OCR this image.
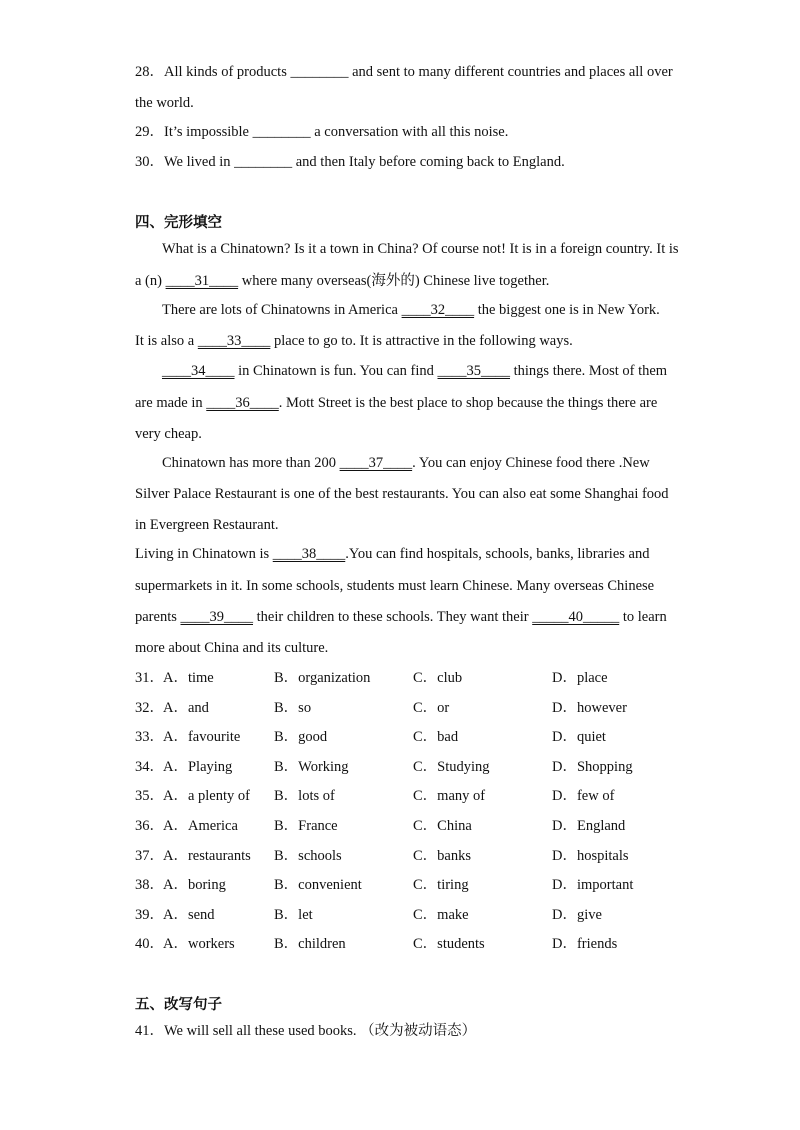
28．All kinds of products ________ and sent to many different countries and places all over
the world.
29．It’s impossible ________ a conversation with all this noise.
30．We lived in ________ and then Italy before coming back to England.
四、完形填空
What is a Chinatown? Is it a town in China? Of course not! It is in a foreign country. It is
a (n) ____31____ where many overseas(海外的) Chinese live together.
There are lots of Chinatowns in America ____32____ the biggest one is in New York.
It is also a ____33____ place to go to. It is attractive in the following ways.
____34____ in Chinatown is fun. You can find ____35____ things there. Most of them
are made in ____36____. Mott Street is the best place to shop because the things there are
very cheap.
Chinatown has more than 200 ____37____. You can enjoy Chinese food there .New
Silver Palace Restaurant is one of the best restaurants. You can also eat some Shanghai food
in Evergreen Restaurant.
Living in Chinatown is ____38____.You can find hospitals, schools, banks, libraries and
supermarkets in it. In some schools, students must learn Chinese. Many overseas Chinese
parents ____39____ their children to these schools. They want their _____40_____ to learn
more about China and its culture.
31． A．time	B．organization	C．club	D．place
32． A．and	B．so	C．or	D．however
33． A．favourite B．good	C．bad	D．quiet
34． A．Playing	B．Working	C．Studying	D．Shopping
35． A．a plenty of B．lots of	C．many of	D．few of
36． A．America B．France	C．China	D．England
37． A．restaurants B．schools	C．banks	D．hospitals
38． A．boring	B．convenient	C．tiring	D．important
39． A．send	B．let	C．make	D．give
40． A．workers	B．children	C．students	D．friends
五、改写句子
41．We will sell all these used books. （改为被动语态）
